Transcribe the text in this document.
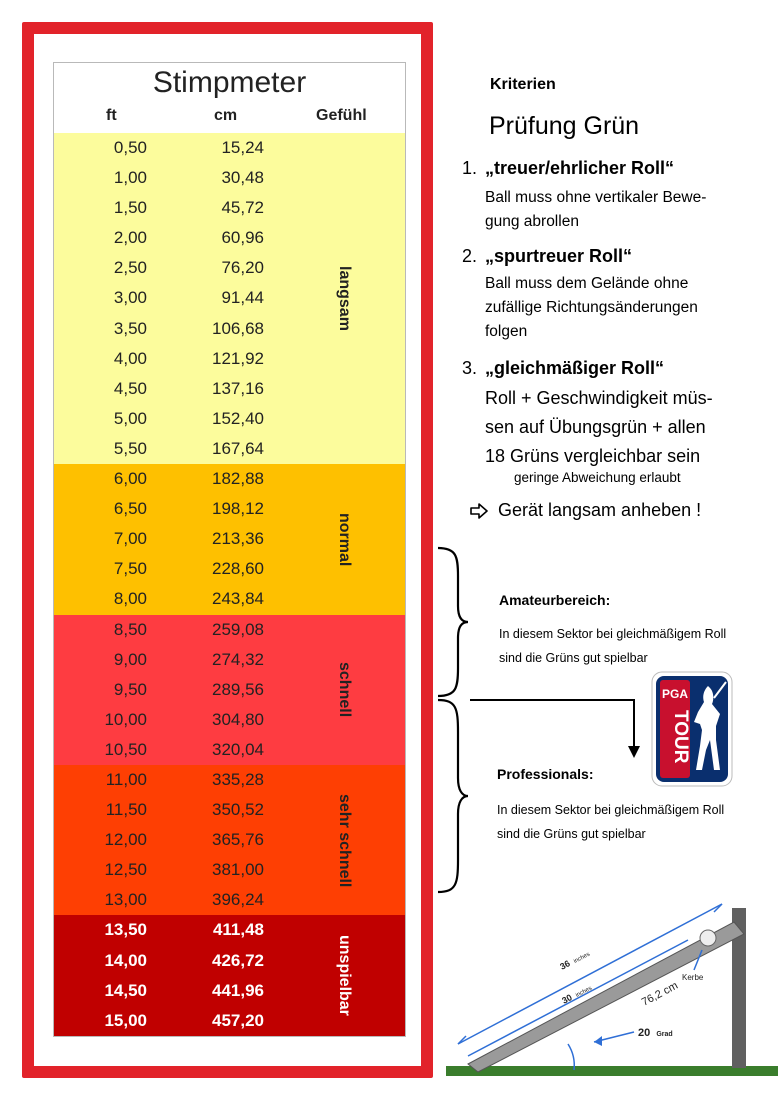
Stimpmeter
ft	cm	Gefühl
0,50	15,24
1,00	30,48
1,50	45,72
2,00	60,96
2,50	76,20
3,00	91,44
3,50	106,68
4,00	121,92
4,50	137,16
5,00	152,40
5,50	167,64
langsam
6,00	182,88
6,50	198,12
7,00	213,36
7,50	228,60
8,00	243,84
normal
8,50	259,08
9,00	274,32
9,50	289,56
10,00	304,80
10,50	320,04
schnell
11,00	335,28
11,50	350,52
12,00	365,76
12,50	381,00
13,00	396,24
sehr schnell
13,50	411,48
14,00	426,72
14,50	441,96
15,00	457,20
unspielbar
Kriterien
Prüfung Grün
1. „treuer/ehrlicher Roll“
Ball muss ohne vertikaler Bewe-
gung abrollen
2. „spurtreuer Roll“
Ball muss dem Gelände ohne
zufällige Richtungsänderungen
folgen
3. „gleichmäßiger Roll“
Roll + Geschwindigkeit müs-
sen auf Übungsgrün + allen
18 Grüns vergleichbar sein
geringe Abweichung erlaubt
Gerät langsam anheben !
Amateurbereich:
In diesem Sektor bei gleichmäßigem Roll
sind die Grüns gut spielbar
PGA
TOUR
Professionals:
In diesem Sektor bei gleichmäßigem Roll
sind die Grüns gut spielbar
36 inches
30 inches	76,2 cm
Kerbe
20 Grad
